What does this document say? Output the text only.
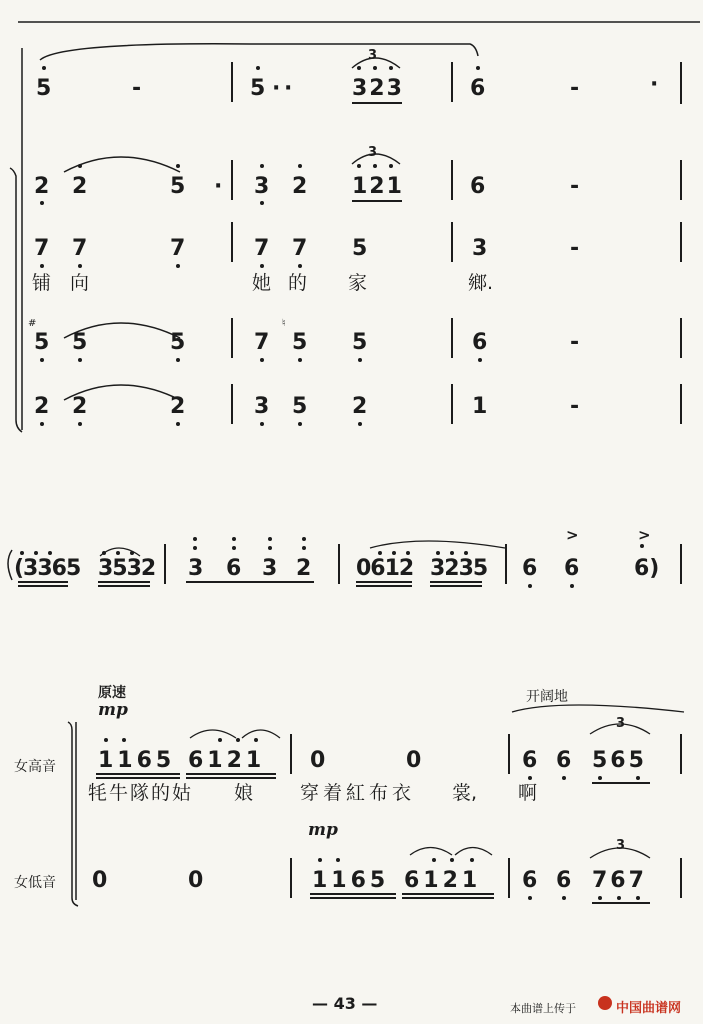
5	-	5 · ·
3
323	6	-	·
2 2	5 · 3 2
3
121	6	-
7 7	7	7 7 5	3	-
铺 向	她 的 家	鄉.
#
5 5	5	7
♮
5 5	6	-
2 2	2	3 5 2	1	-
(3365 3532 3 6 3 2 0612 3235 6
>
6
>
6)
原速
mp
开阔地
女高音
女低音
1165 6121 0	0	6 6
3
565
牦牛隊的姑 娘 穿着紅布衣 裳, 啊
mp
0	0	1165 6121 6 6
3
767
— 43 —	本曲谱上传于	中国曲谱网
